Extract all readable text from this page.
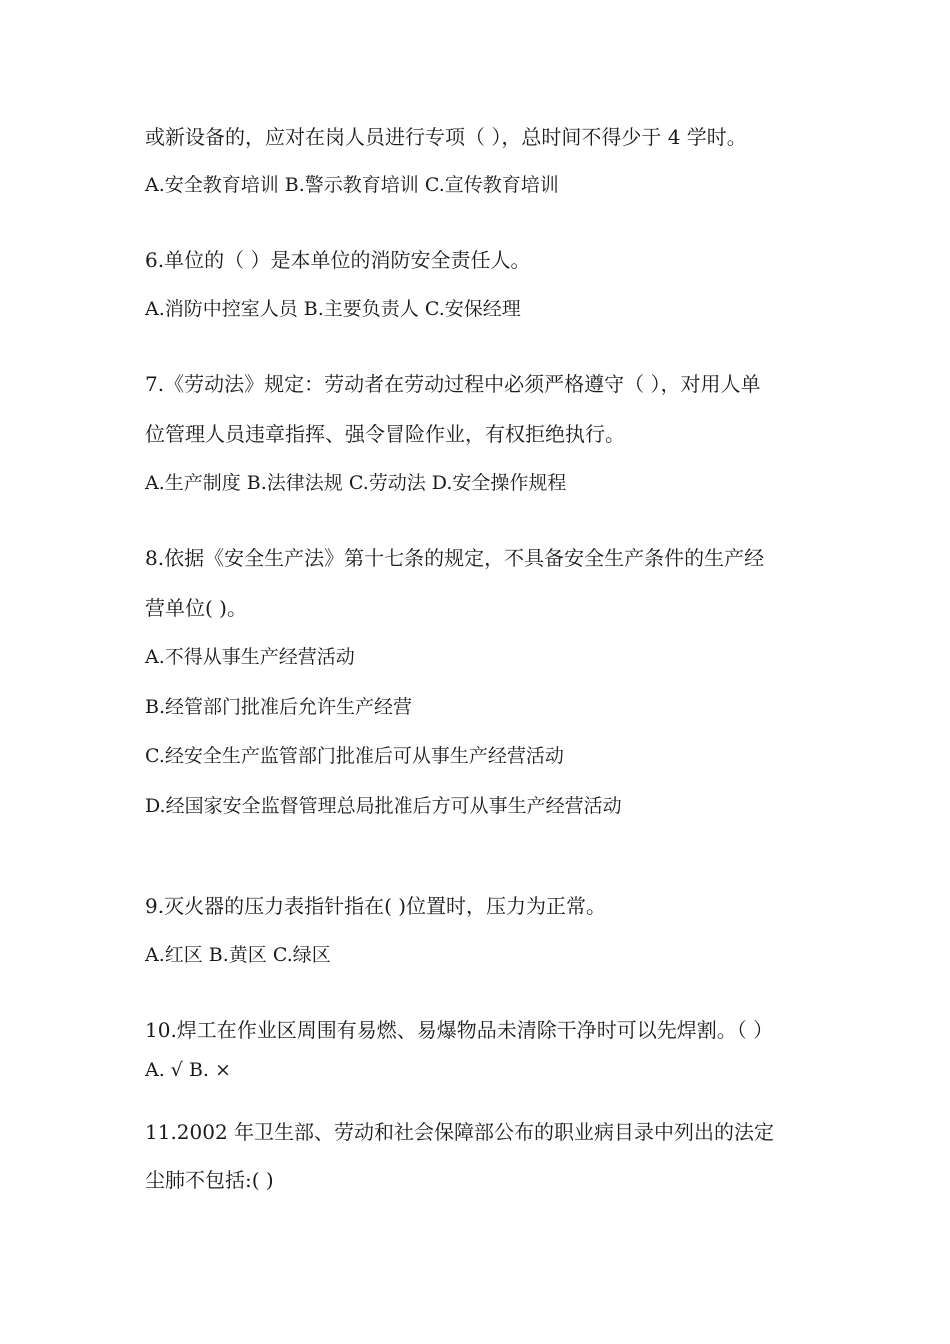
或新设备的，应对在岗人员进行专项（ ），总时间不得少于 4 学时。
A.安全教育培训 B.警示教育培训 C.宣传教育培训
6.单位的（ ）是本单位的消防安全责任人。
A.消防中控室人员 B.主要负责人 C.安保经理
7.《劳动法》规定：劳动者在劳动过程中必须严格遵守（ ），对用人单
位管理人员违章指挥、强令冒险作业，有权拒绝执行。
A.生产制度 B.法律法规 C.劳动法 D.安全操作规程
8.依据《安全生产法》第十七条的规定，不具备安全生产条件的生产经
营单位( )。
A.不得从事生产经营活动
B.经管部门批准后允许生产经营
C.经安全生产监管部门批准后可从事生产经营活动
D.经国家安全监督管理总局批准后方可从事生产经营活动
9.灭火器的压力表指针指在( )位置时，压力为正常。
A.红区 B.黄区 C.绿区
10.焊工在作业区周围有易燃、易爆物品未清除干净时可以先焊割。（ ）
A. √ B. ×
11.2002 年卫生部、劳动和社会保障部公布的职业病目录中列出的法定
尘肺不包括:( )
